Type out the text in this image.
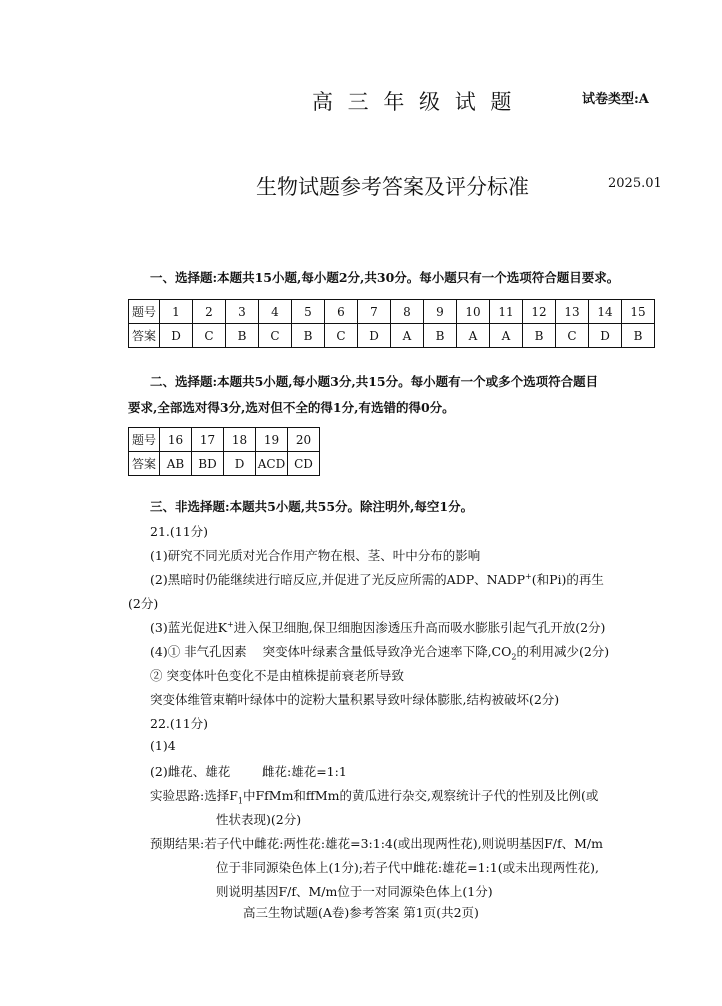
高 三 年 级 试 题	试卷类型:A
生物试题参考答案及评分标准	2025.01
一、选择题:本题共15小题,每小题2分,共30分。每小题只有一个选项符合题目要求。
题号	1	2	3	4	5	6	7	8	9	10	11	12	13	14	15
答案	D	C	B	C	B	C	D	A	B	A	A	B	C	D	B
二、选择题:本题共5小题,每小题3分,共15分。每小题有一个或多个选项符合题目
要求,全部选对得3分,选对但不全的得1分,有选错的得0分。
题号	16	17	18	19	20
答案	AB	BD	D	ACD	CD
三、非选择题:本题共5小题,共55分。除注明外,每空1分。
21.(11分)
(1)研究不同光质对光合作用产物在根、茎、叶中分布的影响
(2)黑暗时仍能继续进行暗反应,并促进了光反应所需的ADP、NADP+(和Pi)的再生
(2分)
(3)蓝光促进K+进入保卫细胞,保卫细胞因渗透压升高而吸水膨胀引起气孔开放(2分)
(4)① 非气孔因素    突变体叶绿素含量低导致净光合速率下降$,CO_2$的利用减少(2分)
② 突变体叶色变化不是由植株提前衰老所导致
突变体维管束鞘叶绿体中的淀粉大量积累导致叶绿体膨胀,结构被破坏(2分)
22.(11分)
(1)4
(2)雌花、雄花        雌花:雄花=1:1
实验思路:选择$F_1$中FfMm和ffMm的黄瓜进行杂交,观察统计子代的性别及比例(或
性状表现)(2分)
预期结果:若子代中雌花:两性花:雄花=3:1:4(或出现两性花),则说明基因F/f、M/m
位于非同源染色体上(1分);若子代中雌花:雄花=1:1(或未出现两性花),
则说明基因F/f、M/m位于一对同源染色体上(1分)
高三生物试题(A卷)参考答案 第1页(共2页)
